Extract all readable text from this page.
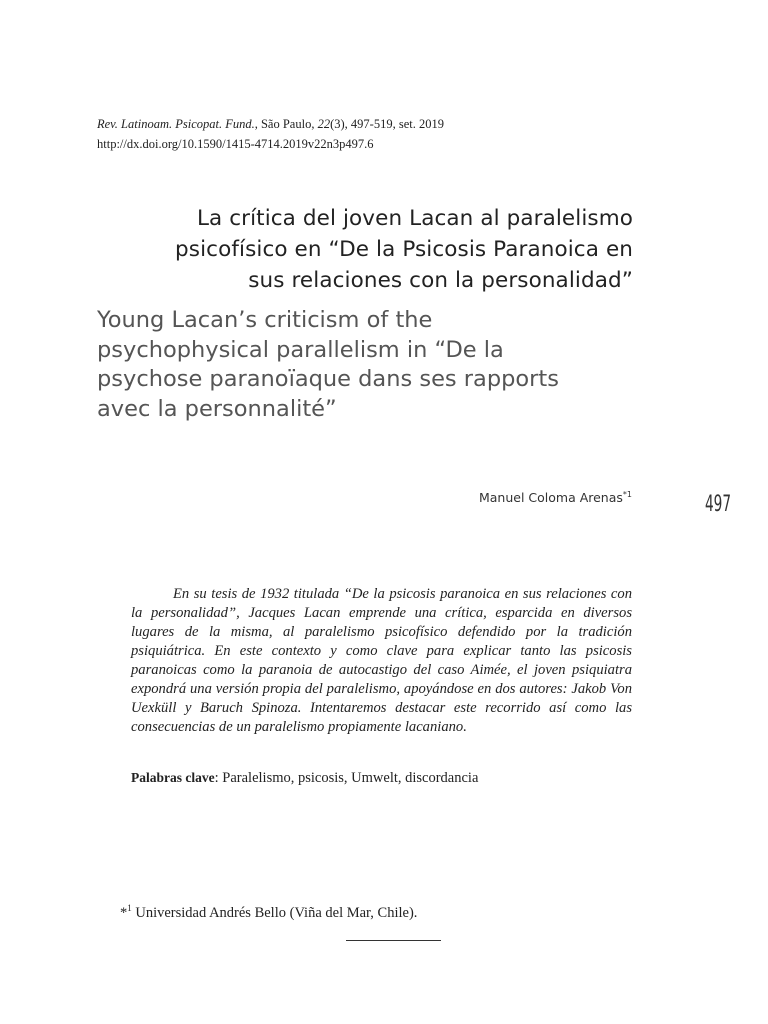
Rev. Latinoam. Psicopat. Fund., São Paulo, 22(3), 497-519, set. 2019
http://dx.doi.org/10.1590/1415-4714.2019v22n3p497.6
La crítica del joven Lacan al paralelismo
psicofísico en “De la Psicosis Paranoica en
sus relaciones con la personalidad”
Young Lacan’s criticism of the
psychophysical parallelism in “De la
psychose paranoïaque dans ses rapports
avec la personnalité”
Manuel Coloma Arenas$^{*1}$	497

En su tesis de 1932 titulada “De la psicosis paranoica en sus relaciones con la personalidad”, Jacques Lacan emprende una crítica, esparcida en diversos lugares de la misma, al paralelismo psicofísico defendido por la tradición psiquiátrica. En este contexto y como clave para explicar tanto las psicosis paranoicas como la paranoia de autocastigo del caso Aimée, el joven psiquiatra expondrá una versión propia del paralelismo, apoyándose en dos autores: Jakob Von Uexküll y Baruch Spinoza. Intentaremos destacar este recorrido así como las consecuencias de un paralelismo propiamente lacaniano.

Palabras clave: Paralelismo, psicosis, Umwelt, discordancia
*$^1$ Universidad Andrés Bello (Viña del Mar, Chile).
